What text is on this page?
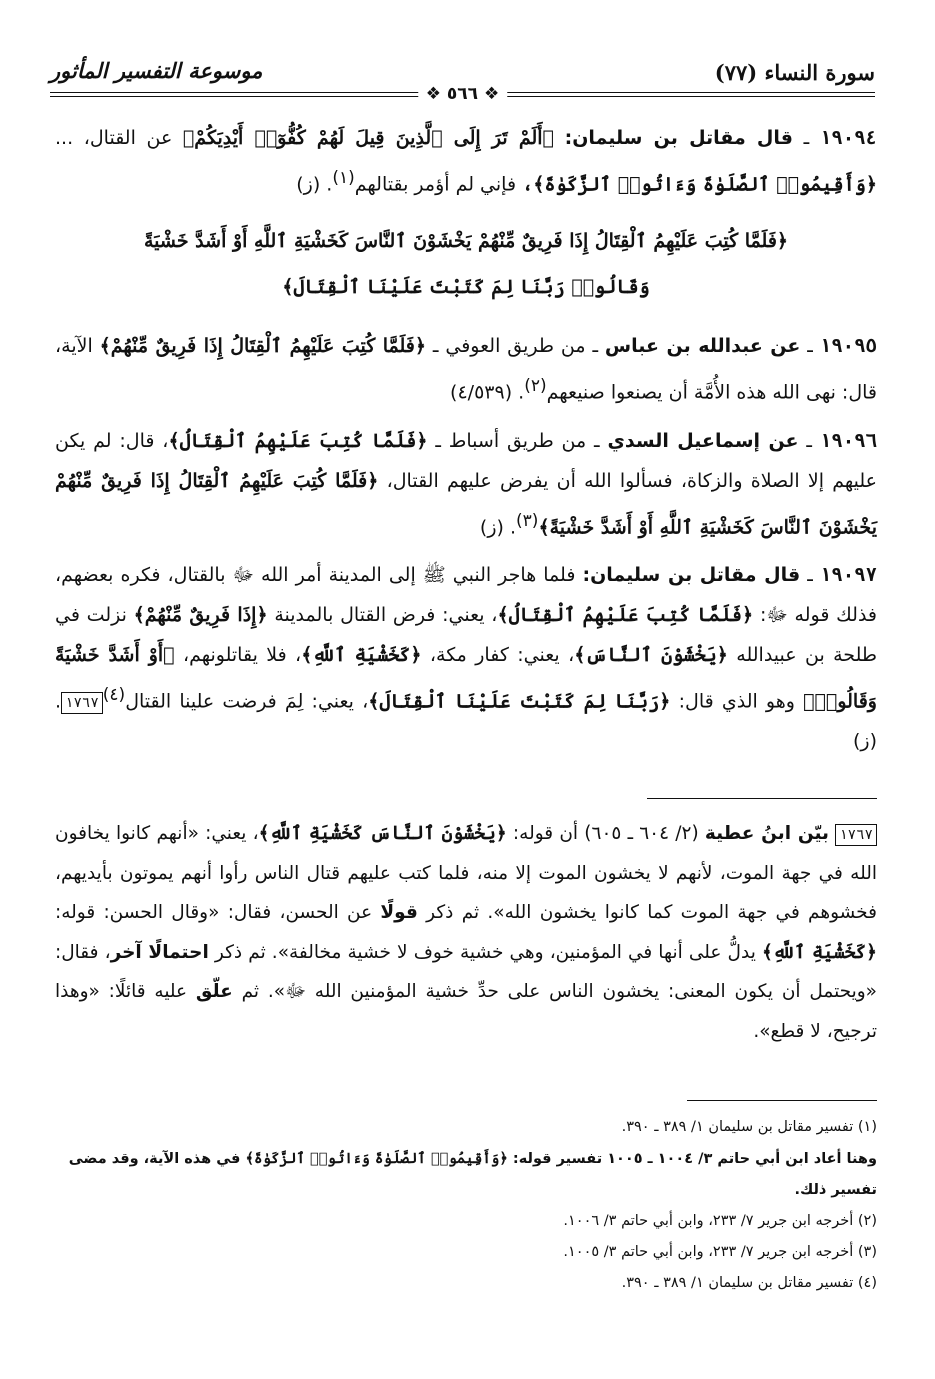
سورة النساء (٧٧)
موسوعة التفسير المأثور
❖ ٥٦٦ ❖

١٩٠٩٤ ـ قال مقاتل بن سليمان: ﴿أَلَمْ تَرَ إِلَى ٱلَّذِينَ قِيلَ لَهُمْ كُفُّوٓا۟ أَيْدِيَكُمْ﴾ عن القتال، ... ﴿وَأَقِيمُوا۟ ٱلصَّلَوٰةَ وَءَاتُوا۟ ٱلزَّكَوٰةَ﴾، فإني لم أؤمر بقتالهم$^{(١)}$. (ز)

﴿فَلَمَّا كُتِبَ عَلَيْهِمُ ٱلْقِتَالُ إِذَا فَرِيقٌ مِّنْهُمْ يَخْشَوْنَ ٱلنَّاسَ كَخَشْيَةِ ٱللَّهِ أَوْ أَشَدَّ خَشْيَةً
وَقَالُوا۟ رَبَّنَا لِمَ كَتَبْتَ عَلَيْنَا ٱلْقِتَالَ﴾

١٩٠٩٥ ـ عن عبدالله بن عباس ـ من طريق العوفي ـ ﴿فَلَمَّا كُتِبَ عَلَيْهِمُ ٱلْقِتَالُ إِذَا فَرِيقٌ مِّنْهُمْ﴾ الآية، قال: نهى الله هذه الأُمَّة أن يصنعوا صنيعهم$^{(٢)}$. (٤/٥٣٩)

١٩٠٩٦ ـ عن إسماعيل السدي ـ من طريق أسباط ـ ﴿فَلَمَّا كُتِبَ عَلَيْهِمُ ٱلْقِتَالُ﴾، قال: لم يكن عليهم إلا الصلاة والزكاة، فسألوا الله أن يفرض عليهم القتال، ﴿فَلَمَّا كُتِبَ عَلَيْهِمُ ٱلْقِتَالُ إِذَا فَرِيقٌ مِّنْهُمْ يَخْشَوْنَ ٱلنَّاسَ كَخَشْيَةِ ٱللَّهِ أَوْ أَشَدَّ خَشْيَةً﴾$^{(٣)}$. (ز)

١٩٠٩٧ ـ قال مقاتل بن سليمان: فلما هاجر النبي ﷺ إلى المدينة أمر الله ﷻ بالقتال، فكره بعضهم، فذلك قوله ﷻ: ﴿فَلَمَّا كُتِبَ عَلَيْهِمُ ٱلْقِتَالُ﴾، يعني: فرض القتال بالمدينة ﴿إِذَا فَرِيقٌ مِّنْهُمْ﴾ نزلت في طلحة بن عبيدالله ﴿يَخْشَوْنَ ٱلنَّاسَ﴾، يعني: كفار مكة، ﴿كَخَشْيَةِ ٱللَّهِ﴾، فلا يقاتلونهم، ﴿أَوْ أَشَدَّ خَشْيَةً وَقَالُوا۟﴾ وهو الذي قال: ﴿رَبَّنَا لِمَ كَتَبْتَ عَلَيْنَا ٱلْقِتَالَ﴾، يعني: لِمَ فرضت علينا القتال$^{(٤)}$١٧٦٧. (ز)

١٧٦٧ بيّن ابنُ عطية (٢/ ٦٠٤ ـ ٦٠٥) أن قوله: ﴿يَخْشَوْنَ ٱلنَّاسَ كَخَشْيَةِ ٱللَّهِ﴾، يعني: «أنهم كانوا يخافون الله في جهة الموت، لأنهم لا يخشون الموت إلا منه، فلما كتب عليهم قتال الناس رأوا أنهم يموتون بأيديهم، فخشوهم في جهة الموت كما كانوا يخشون الله». ثم ذكر قولًا عن الحسن، فقال: «وقال الحسن: قوله: ﴿كَخَشْيَةِ ٱللَّهِ﴾ يدلُّ على أنها في المؤمنين، وهي خشية خوف لا خشية مخالفة». ثم ذكر احتمالًا آخر، فقال: «ويحتمل أن يكون المعنى: يخشون الناس على حدِّ خشية المؤمنين الله ﷻ». ثم علّق عليه قائلًا: «وهذا ترجيح، لا قطع».
(١) تفسير مقاتل بن سليمان ١/ ٣٨٩ ـ ٣٩٠.
وهنا أعاد ابن أبي حاتم ٣/ ١٠٠٤ ـ ١٠٠٥ تفسير قوله: ﴿وَأَقِيمُوا۟ ٱلصَّلَوٰةَ وَءَاتُوا۟ ٱلزَّكَوٰةَ﴾ في هذه الآية، وقد مضى تفسير ذلك.
(٢) أخرجه ابن جرير ٧/ ٢٣٣، وابن أبي حاتم ٣/ ١٠٠٦.
(٣) أخرجه ابن جرير ٧/ ٢٣٣، وابن أبي حاتم ٣/ ١٠٠٥.
(٤) تفسير مقاتل بن سليمان ١/ ٣٨٩ ـ ٣٩٠.
